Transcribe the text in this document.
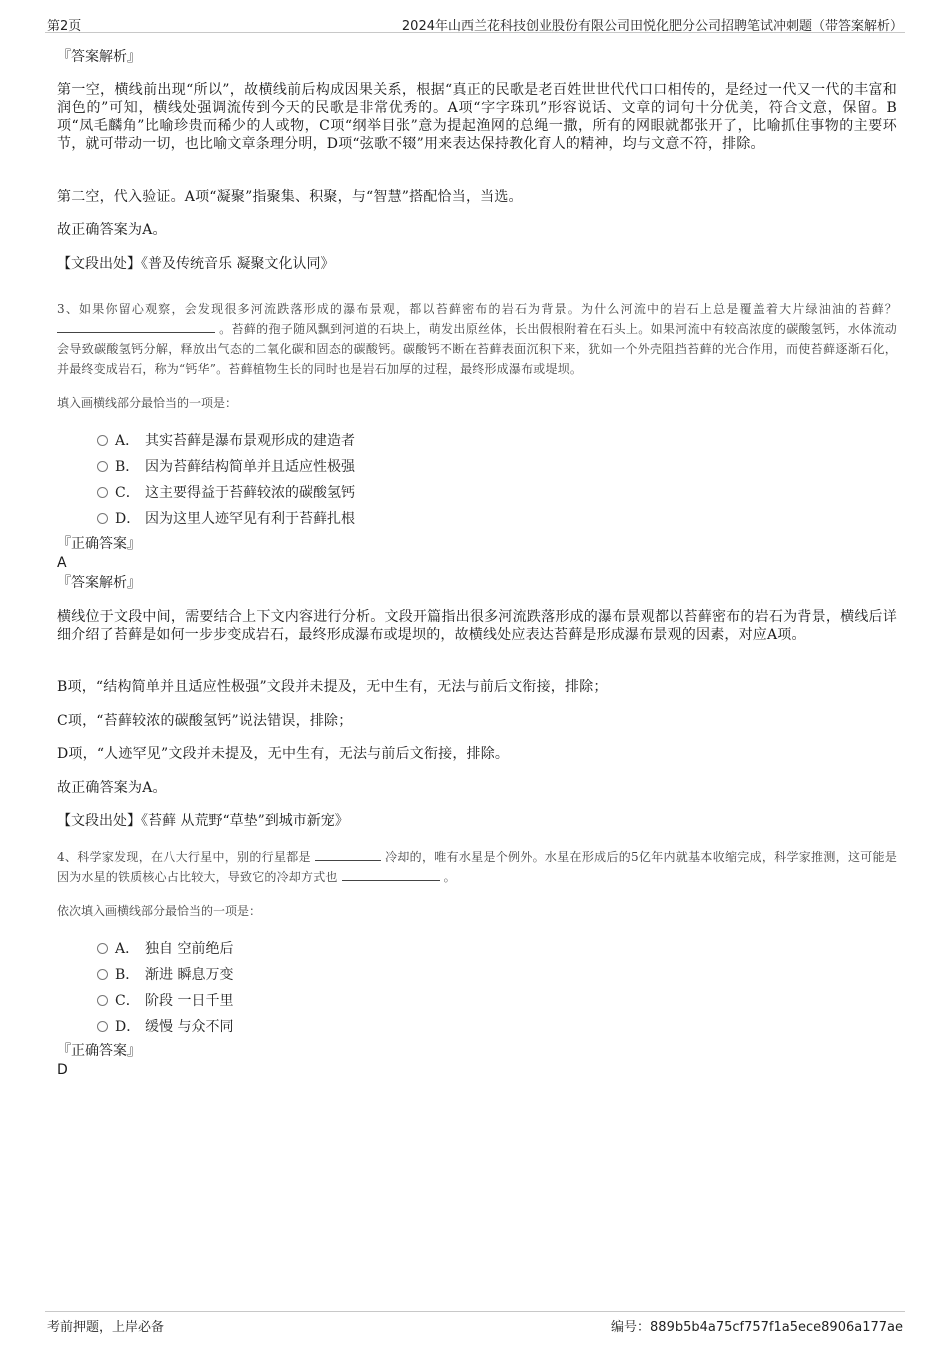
第2页	2024年山西兰花科技创业股份有限公司田悦化肥分公司招聘笔试冲刺题（带答案解析）
『答案解析』

第一空，横线前出现“所以”，故横线前后构成因果关系，根据“真正的民歌是老百姓世世代代口口相传的，是经过一代又一代的丰富和润色的”可知，横线处强调流传到今天的民歌是非常优秀的。A项“字字珠玑”形容说话、文章的词句十分优美，符合文意，保留。B项“凤毛麟角”比喻珍贵而稀少的人或物，C项“纲举目张”意为提起渔网的总绳一撒，所有的网眼就都张开了，比喻抓住事物的主要环节，就可带动一切，也比喻文章条理分明，D项“弦歌不辍”用来表达保持教化育人的精神，均与文意不符，排除。

第二空，代入验证。A项“凝聚”指聚集、积聚，与“智慧”搭配恰当，当选。

故正确答案为A。

【文段出处】《普及传统音乐 凝聚文化认同》

3、如果你留心观察，会发现很多河流跌落形成的瀑布景观，都以苔藓密布的岩石为背景。为什么河流中的岩石上总是覆盖着大片绿油油的苔藓？  。苔藓的孢子随风飘到河道的石块上，萌发出原丝体，长出假根附着在石头上。如果河流中有较高浓度的碳酸氢钙，水体流动会导致碳酸氢钙分解，释放出气态的二氧化碳和固态的碳酸钙。碳酸钙不断在苔藓表面沉积下来，犹如一个外壳阻挡苔藓的光合作用，而使苔藓逐渐石化，并最终变成岩石，称为“钙华”。苔藓植物生长的同时也是岩石加厚的过程，最终形成瀑布或堤坝。

填入画横线部分最恰当的一项是：
A． 其实苔藓是瀑布景观形成的建造者
B． 因为苔藓结构简单并且适应性极强
C． 这主要得益于苔藓较浓的碳酸氢钙
D． 因为这里人迹罕见有利于苔藓扎根
『正确答案』
A
『答案解析』

横线位于文段中间，需要结合上下文内容进行分析。文段开篇指出很多河流跌落形成的瀑布景观都以苔藓密布的岩石为背景，横线后详细介绍了苔藓是如何一步步变成岩石，最终形成瀑布或堤坝的，故横线处应表达苔藓是形成瀑布景观的因素，对应A项。

B项，“结构简单并且适应性极强”文段并未提及，无中生有，无法与前后文衔接，排除；

C项，“苔藓较浓的碳酸氢钙”说法错误，排除；

D项，“人迹罕见”文段并未提及，无中生有，无法与前后文衔接，排除。

故正确答案为A。

【文段出处】《苔藓 从荒野“草垫”到城市新宠》

4、科学家发现，在八大行星中，别的行星都是	冷却的，唯有水星是个例外。水星在形成后的5亿年内就基本收缩完成，科学家推测，这可能是因为水星的铁质核心占比较大，导致它的冷却方式也	。

依次填入画横线部分最恰当的一项是：
A． 独自 空前绝后
B． 渐进 瞬息万变
C． 阶段 一日千里
D． 缓慢 与众不同
『正确答案』
D
考前押题，上岸必备	编号：889b5b4a75cf757f1a5ece8906a177ae
